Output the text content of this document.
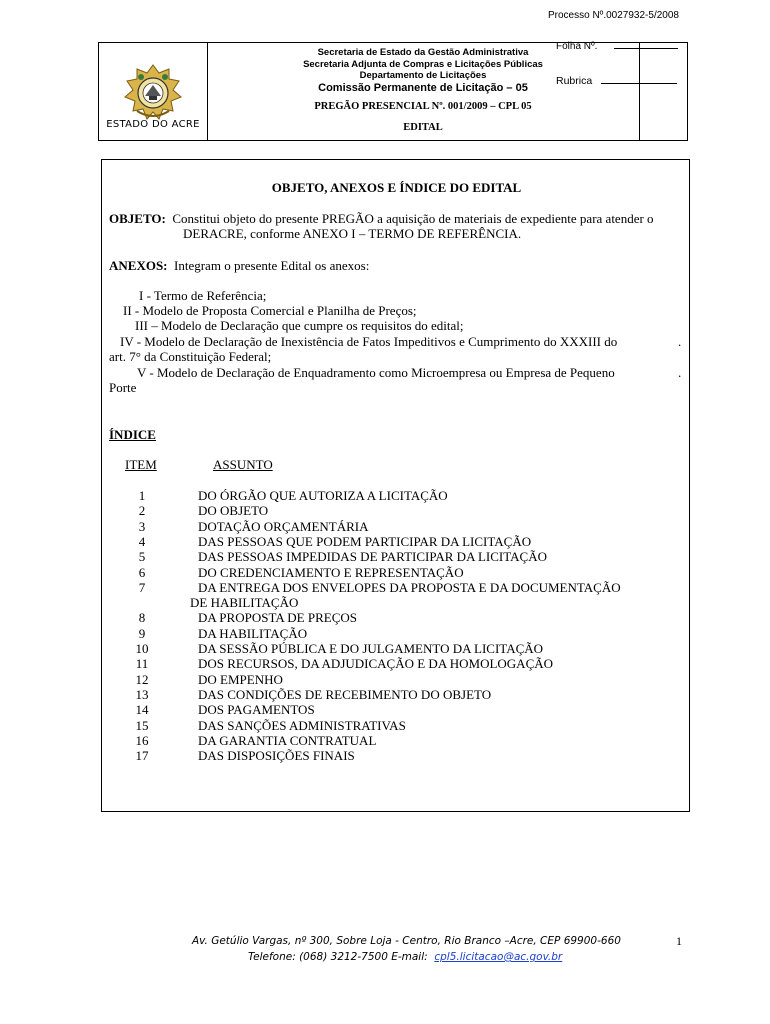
ESTADO DO ACRE
Secretaria de Estado da Gestão Administrativa
Secretaria Adjunta de Compras e Licitações Públicas
Departamento de Licitações
Comissão Permanente de Licitação – 05
PREGÃO PRESENCIAL Nº. 001/2009 – CPL 05
EDITAL
Processo Nº.0027932-5/2008
Folha Nº.
Rubrica
OBJETO, ANEXOS E ÍNDICE DO EDITAL
OBJETO: Constitui objeto do presente PREGÃO a aquisição de materiais de expediente para atender o
DERACRE, conforme ANEXO I – TERMO DE REFERÊNCIA.
ANEXOS: Integram o presente Edital os anexos:
I - Termo de Referência;
II - Modelo de Proposta Comercial e Planilha de Preços;
III – Modelo de Declaração que cumpre os requisitos do edital;
IV - Modelo de Declaração de Inexistência de Fatos Impeditivos e Cumprimento do XXXIII do	.
art. 7° da Constituição Federal;
V - Modelo de Declaração de Enquadramento como Microempresa ou Empresa de Pequeno	.
Porte
ÍNDICE
ITEM	ASSUNTO
1	DO ÓRGÃO QUE AUTORIZA A LICITAÇÃO
2	DO OBJETO
3	DOTAÇÃO ORÇAMENTÁRIA
4	DAS PESSOAS QUE PODEM PARTICIPAR DA LICITAÇÃO
5	DAS PESSOAS IMPEDIDAS DE PARTICIPAR DA LICITAÇÃO
6	DO CREDENCIAMENTO E REPRESENTAÇÃO
7	DA ENTREGA DOS ENVELOPES DA PROPOSTA E DA DOCUMENTAÇÃO
DE HABILITAÇÃO
8	DA PROPOSTA DE PREÇOS
9	DA HABILITAÇÃO
10	DA SESSÃO PÚBLICA E DO JULGAMENTO DA LICITAÇÃO
11	DOS RECURSOS, DA ADJUDICAÇÃO E DA HOMOLOGAÇÃO
12	DO EMPENHO
13	DAS CONDIÇÕES DE RECEBIMENTO DO OBJETO
14	DOS PAGAMENTOS
15	DAS SANÇÕES ADMINISTRATIVAS
16	DA GARANTIA CONTRATUAL
17	DAS DISPOSIÇÕES FINAIS
Av. Getúlio Vargas, nº 300, Sobre Loja - Centro, Rio Branco –Acre, CEP 69900-660
Telefone: (068) 3212-7500 E-mail: cpl5.licitacao@ac.gov.br
1
